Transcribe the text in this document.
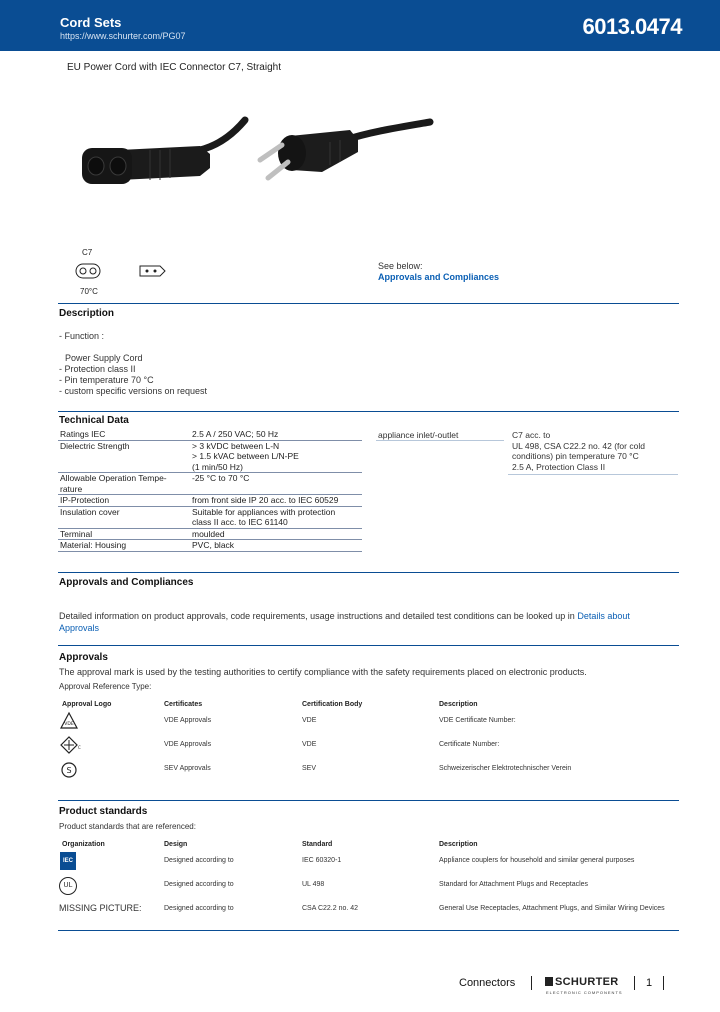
Cord Sets
https://www.schurter.com/PG07	6013.0474
EU Power Cord with IEC Connector C7, Straight
C7
70°C
See below:
Approvals and Compliances
Description
- Function :
Power Supply Cord
- Protection class II
- Pin temperature 70 °C
- custom specific versions on request
Technical Data
Ratings IEC	2.5 A / 250 VAC; 50 Hz
Dielectric Strength	> 3 kVDC between L-N
> 1.5 kVAC between L/N-PE
(1 min/50 Hz)
Allowable Operation Tempe-
rature	-25 °C to 70 °C
IP-Protection	from front side IP 20 acc. to IEC 60529
Insulation cover	Suitable for appliances with protection
class II acc. to IEC 61140
Terminal	moulded
Material: Housing	PVC, black
appliance inlet/-outlet	C7 acc. to
UL 498, CSA C22.2 no. 42 (for cold
conditions) pin temperature 70 °C
2.5 A, Protection Class II
Approvals and Compliances
Detailed information on product approvals, code requirements, usage instructions and detailed test conditions can be looked up in Details about Approvals
Approvals
The approval mark is used by the testing authorities to certify compliance with the safety requirements placed on electronic products.
Approval Reference Type:
Approval Logo	Certificates	Certification Body	Description
VDE
VDE Approvals	VDE	VDE Certificate Number:
C	VDE Approvals	VDE	Certificate Number:
S	SEV Approvals	SEV	Schweizerischer Elektrotechnischer Verein
Product standards
Product standards that are referenced:
Organization	Design	Standard	Description
IEC	Designed according to	IEC 60320-1	Appliance couplers for household and similar general purposes
UL	Designed according to	UL 498	Standard for Attachment Plugs and Receptacles
MISSING PICTURE:	Designed according to	CSA C22.2 no. 42	General Use Receptacles, Attachment Plugs, and Similar Wiring Devices
Connectors	SCHURTER
ELECTRONIC COMPONENTS
1
